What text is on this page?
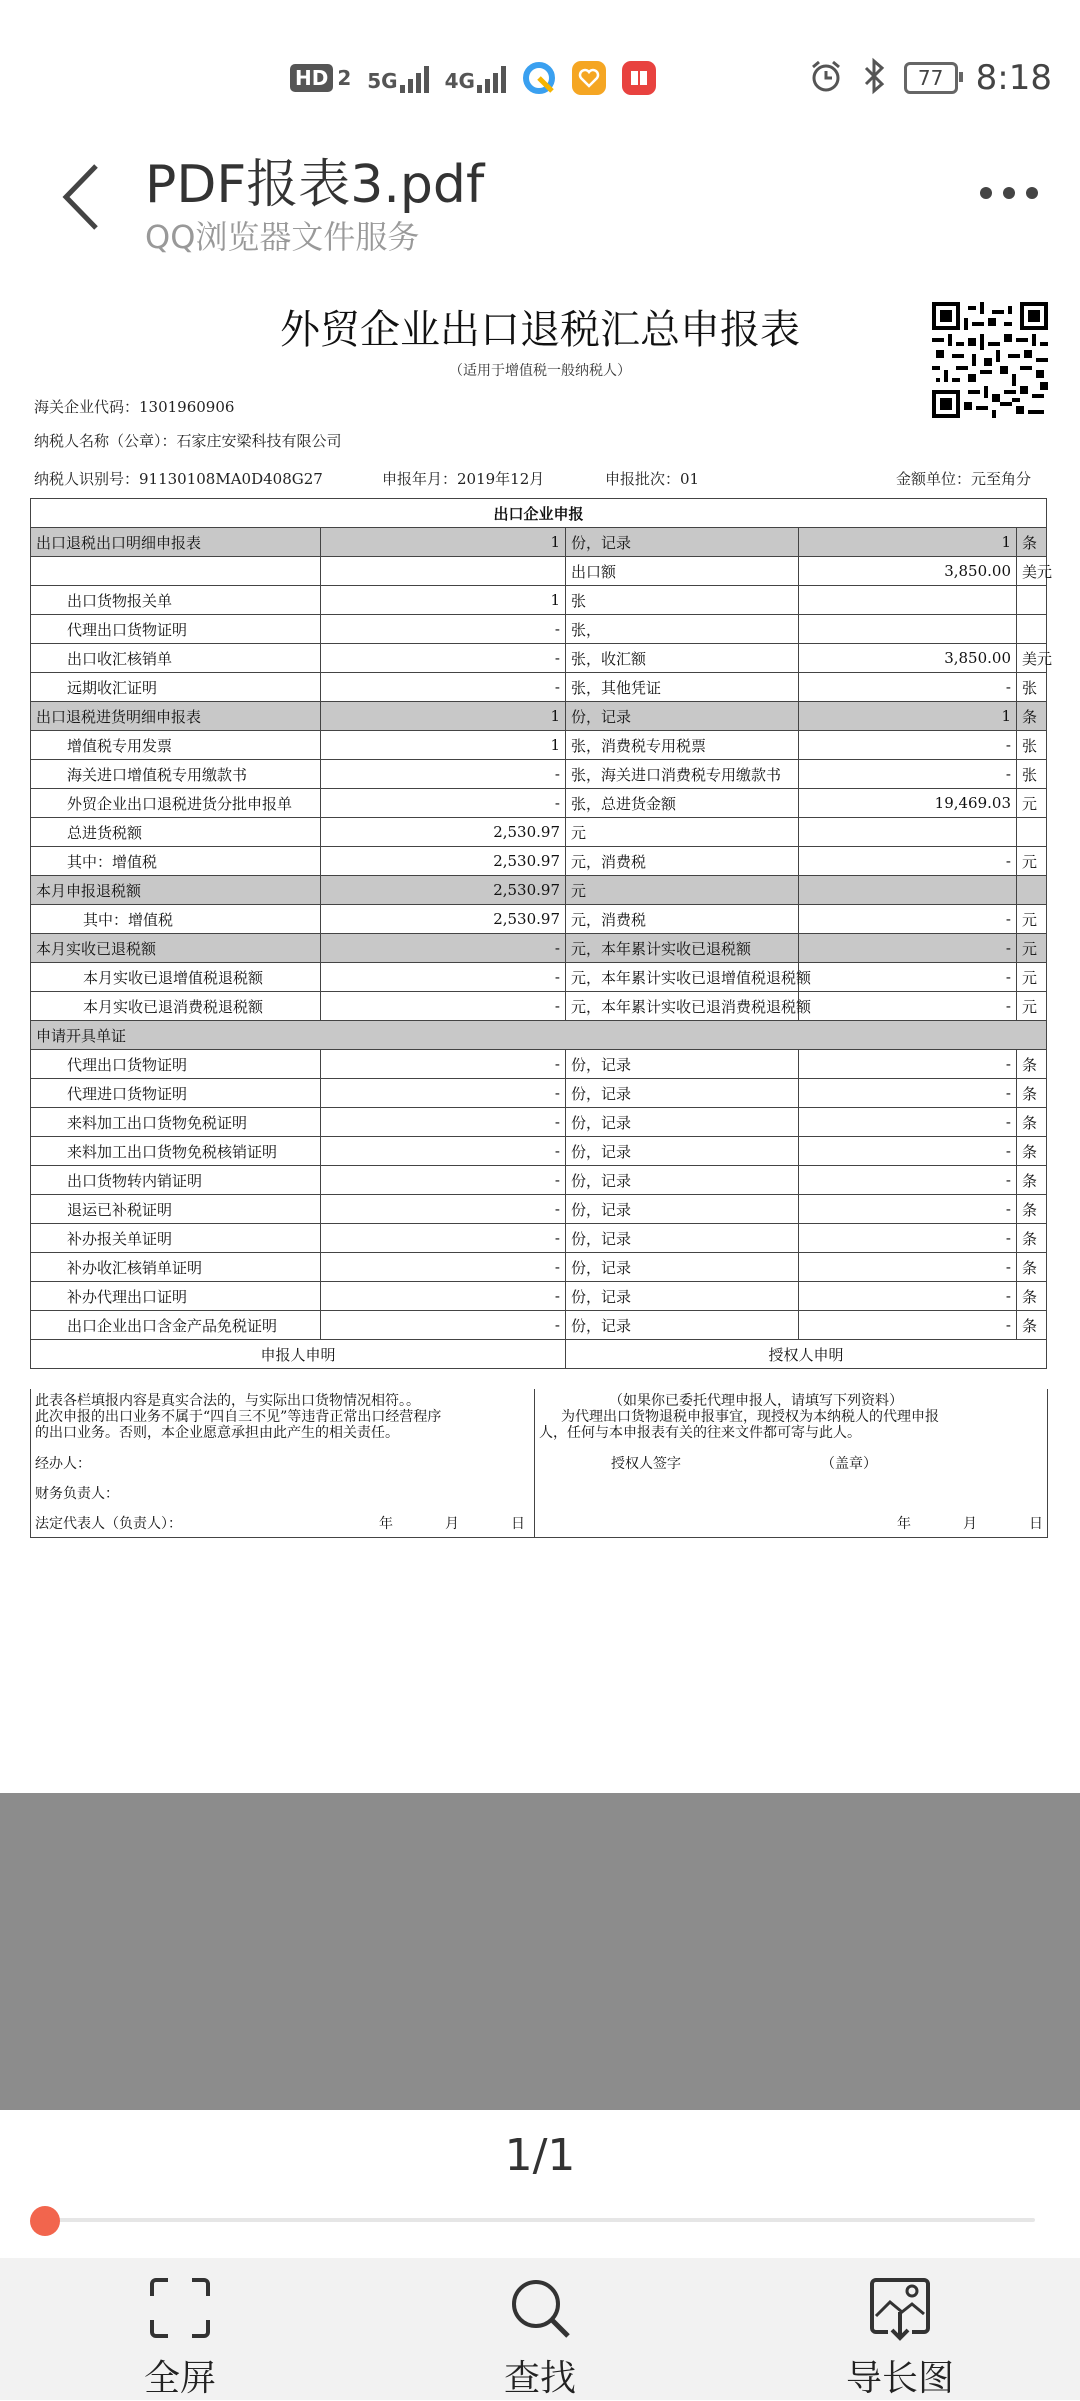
HD 2 5G 4G	77 8:18
PDF报表3.pdf
QQ浏览器文件服务
外贸企业出口退税汇总申报表
（适用于增值税一般纳税人）
海关企业代码：1301960906
纳税人名称（公章）：石家庄安梁科技有限公司
纳税人识别号：91130108MA0D408G27	申报年月：2019年12月	申报批次：01	金额单位：元至角分
出口企业申报				
出口退税出口明细申报表	1	份，记录	1	条
		出口额	3,850.00	美元
出口货物报关单	1	张		
代理出口货物证明	-	张，		
出口收汇核销单	-	张，收汇额	3,850.00	美元
远期收汇证明	-	张，其他凭证	-	张
出口退税进货明细申报表	1	份，记录	1	条
增值税专用发票	1	张，消费税专用税票	-	张
海关进口增值税专用缴款书	-	张，海关进口消费税专用缴款书	-	张
外贸企业出口退税进货分批申报单	-	张，总进货金额	19,469.03	元
总进货税额	2,530.97	元		
其中：增值税	2,530.97	元，消费税	-	元
本月申报退税额	2,530.97	元		
其中：增值税	2,530.97	元，消费税	-	元
本月实收已退税额	-	元，本年累计实收已退税额	-	元
本月实收已退增值税退税额	-	元，本年累计实收已退增值税退税额	-	元
本月实收已退消费税退税额	-	元，本年累计实收已退消费税退税额	-	元
申请开具单证				
代理出口货物证明	-	份，记录	-	条
代理进口货物证明	-	份，记录	-	条
来料加工出口货物免税证明	-	份，记录	-	条
来料加工出口货物免税核销证明	-	份，记录	-	条
出口货物转内销证明	-	份，记录	-	条
退运已补税证明	-	份，记录	-	条
补办报关单证明	-	份，记录	-	条
补办收汇核销单证明	-	份，记录	-	条
补办代理出口证明	-	份，记录	-	条
出口企业出口含金产品免税证明	-	份，记录	-	条
申报人申明		授权人申明		

此表各栏填报内容是真实合法的，与实际出口货物情况相符。。

此次申报的出口业务不属于“四自三不见”等违背正常出口经营程序

的出口业务。否则，本企业愿意承担由此产生的相关责任。

经办人：
财务负责人：
法定代表人（负责人）：	年	月	日

（如果你已委托代理申报人，请填写下列资料）

为代理出口货物退税申报事宜，现授权为本纳税人的代理申报

人，任何与本申报表有关的往来文件都可寄与此人。

授权人签字	（盖章）
年	月	日
1/1
全屏	查找	导长图
